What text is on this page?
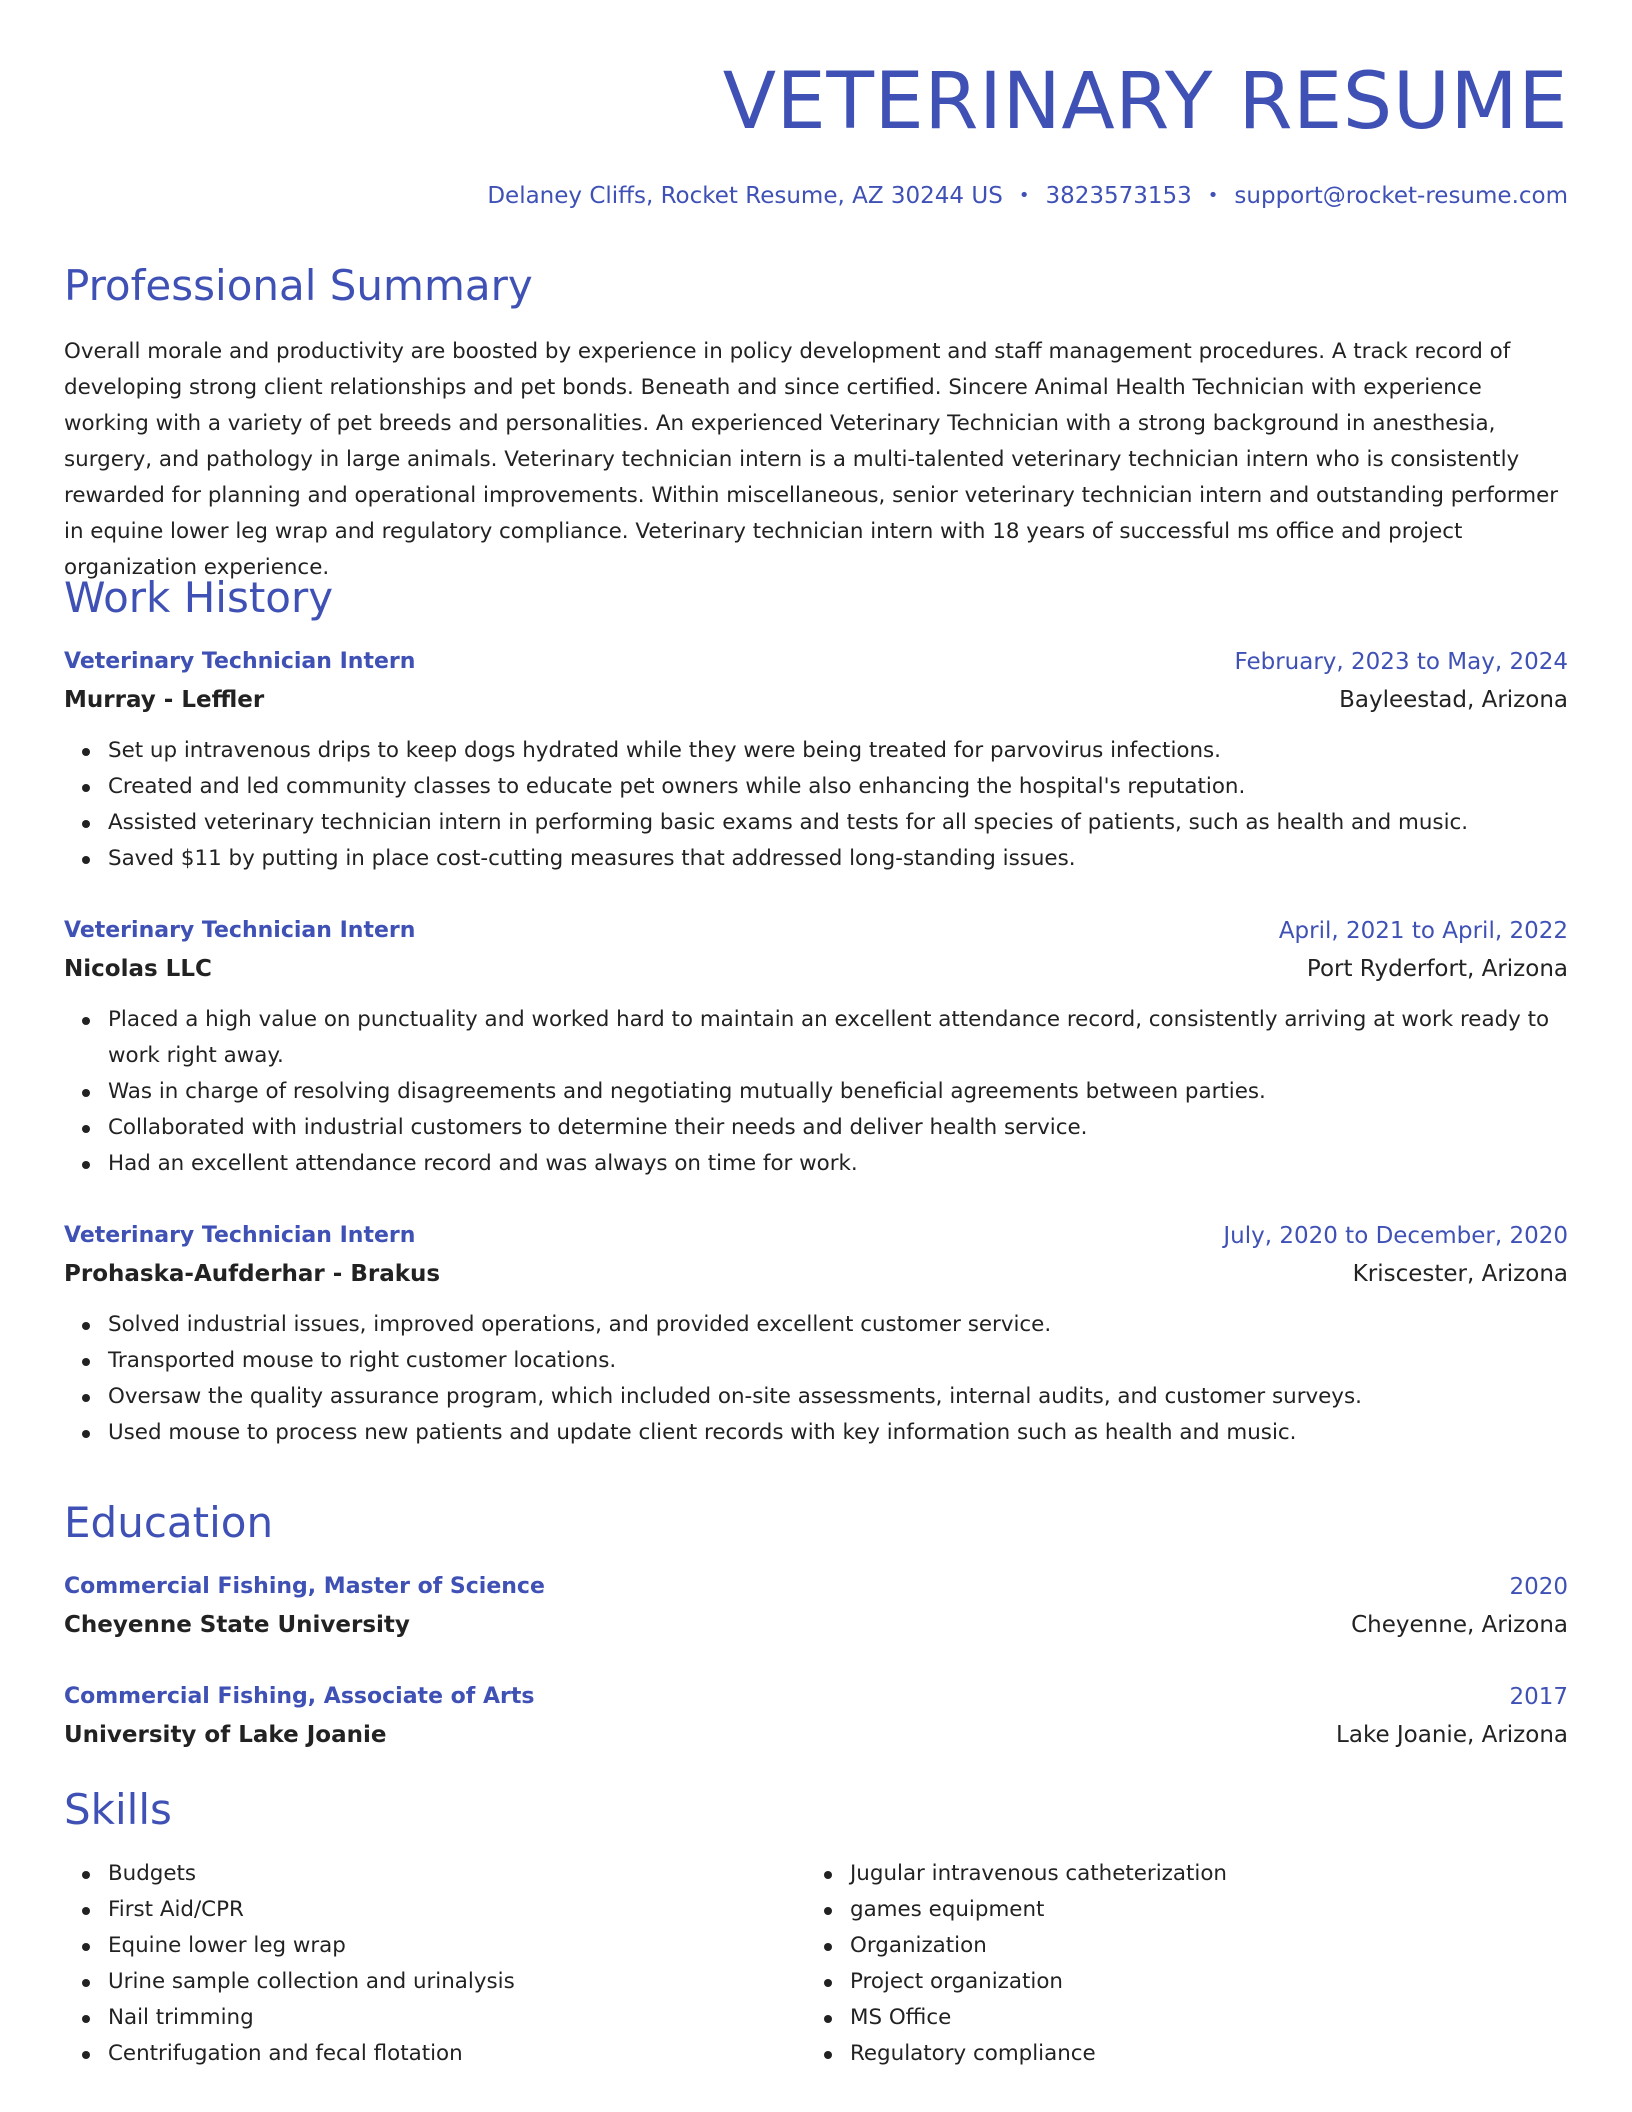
VETERINARY RESUME
Delaney Cliffs, Rocket Resume, AZ 30244 US • 3823573153 • support@rocket-resume.com
Professional Summary

Overall morale and productivity are boosted by experience in policy development and staff management procedures. A track record of developing strong client relationships and pet bonds. Beneath and since certified. Sincere Animal Health Technician with experience working with a variety of pet breeds and personalities. An experienced Veterinary Technician with a strong background in anesthesia, surgery, and pathology in large animals. Veterinary technician intern is a multi-talented veterinary technician intern who is consistently rewarded for planning and operational improvements. Within miscellaneous, senior veterinary technician intern and outstanding performer in equine lower leg wrap and regulatory compliance. Veterinary technician intern with 18 years of successful ms office and project organization experience.

Work History
Veterinary Technician Intern	February, 2023 to May, 2024
Murray - Leffler	Bayleestad, Arizona
Set up intravenous drips to keep dogs hydrated while they were being treated for parvovirus infections.
Created and led community classes to educate pet owners while also enhancing the hospital's reputation.
Assisted veterinary technician intern in performing basic exams and tests for all species of patients, such as health and music.
Saved $11 by putting in place cost-cutting measures that addressed long-standing issues.
Veterinary Technician Intern	April, 2021 to April, 2022
Nicolas LLC	Port Ryderfort, Arizona
Placed a high value on punctuality and worked hard to maintain an excellent attendance record, consistently arriving at work ready to work right away.
Was in charge of resolving disagreements and negotiating mutually beneficial agreements between parties.
Collaborated with industrial customers to determine their needs and deliver health service.
Had an excellent attendance record and was always on time for work.
Veterinary Technician Intern	July, 2020 to December, 2020
Prohaska-Aufderhar - Brakus	Kriscester, Arizona
Solved industrial issues, improved operations, and provided excellent customer service.
Transported mouse to right customer locations.
Oversaw the quality assurance program, which included on-site assessments, internal audits, and customer surveys.
Used mouse to process new patients and update client records with key information such as health and music.
Education
Commercial Fishing, Master of Science	2020
Cheyenne State University	Cheyenne, Arizona
Commercial Fishing, Associate of Arts	2017
University of Lake Joanie	Lake Joanie, Arizona
Skills
Budgets
First Aid/CPR
Equine lower leg wrap
Urine sample collection and urinalysis
Nail trimming
Centrifugation and fecal flotation
Jugular intravenous catheterization
games equipment
Organization
Project organization
MS Office
Regulatory compliance
